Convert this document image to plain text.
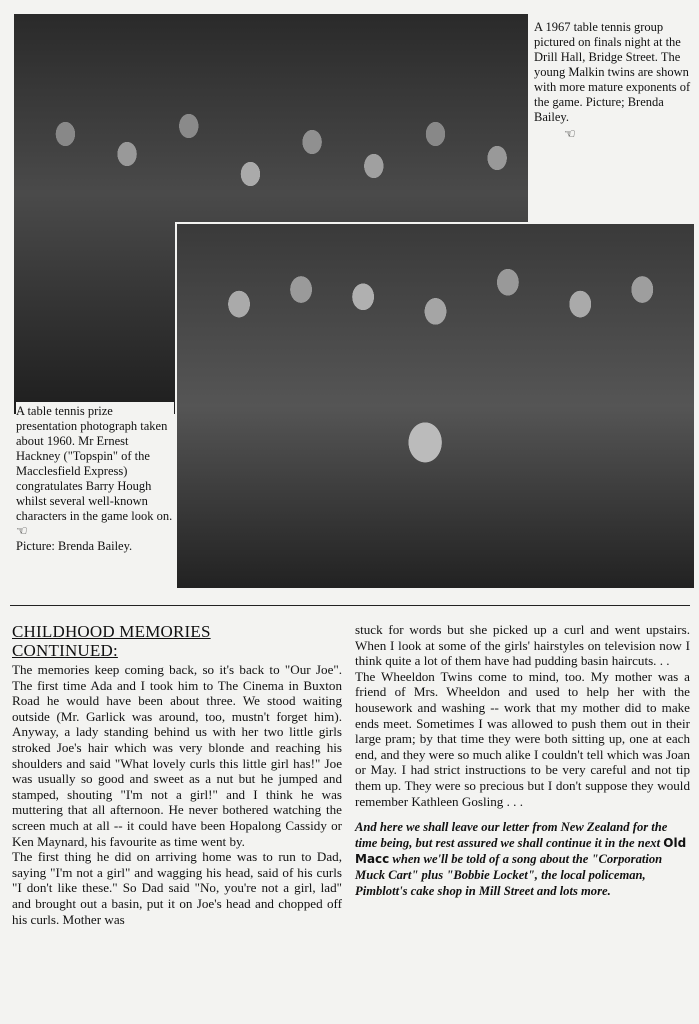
A 1967 table tennis group pictured on finals night at the Drill Hall, Bridge Street. The young Malkin twins are shown with more mature exponents of the game. Picture; Brenda Bailey.
☜
A table tennis prize presentation photograph taken about 1960. Mr Ernest Hackney ("Topspin" of the Macclesfield Express) congratulates Barry Hough whilst several well-known characters in the game look on. ☜
Picture: Brenda Bailey.
CHILDHOOD MEMORIES
CONTINUED:

The memories keep coming back, so it's back to "Our Joe". The first time Ada and I took him to The Cinema in Buxton Road he would have been about three. We stood waiting outside (Mr. Garlick was around, too, mustn't forget him). Anyway, a lady standing behind us with her two little girls stroked Joe's hair which was very blonde and reaching his shoulders and said "What lovely curls this little girl has!" Joe was usually so good and sweet as a nut but he jumped and stamped, shouting "I'm not a girl!" and I think he was muttering that all afternoon. He never bothered watching the screen much at all -- it could have been Hopalong Cassidy or Ken Maynard, his favourite as time went by.

The first thing he did on arriving home was to run to Dad, saying "I'm not a girl" and wagging his head, said of his curls "I don't like these." So Dad said "No, you're not a girl, lad" and brought out a basin, put it on Joe's head and chopped off his curls. Mother was

stuck for words but she picked up a curl and went upstairs. When I look at some of the girls' hairstyles on television now I think quite a lot of them have had pudding basin haircuts. . .

The Wheeldon Twins come to mind, too. My mother was a friend of Mrs. Wheeldon and used to help her with the housework and washing -- work that my mother did to make ends meet. Sometimes I was allowed to push them out in their large pram; by that time they were both sitting up, one at each end, and they were so much alike I couldn't tell which was Joan or May. I had strict instructions to be very careful and not tip them up. They were so precious but I don't suppose they would remember Kathleen Gosling . . .

And here we shall leave our letter from New Zealand for the time being, but rest assured we shall continue it in the next Old Macc when we'll be told of a song about the "Corporation Muck Cart" plus "Bobbie Locket", the local policeman, Pimblott's cake shop in Mill Street and lots more.
